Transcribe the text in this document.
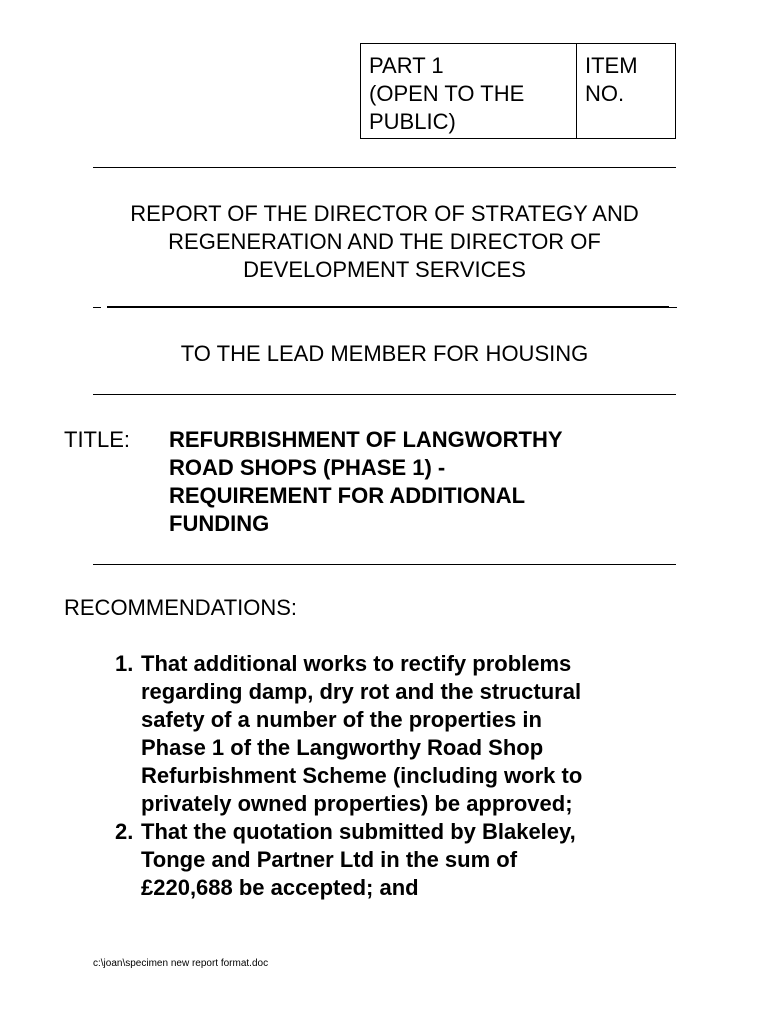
PART 1
(OPEN TO THE
PUBLIC)
ITEM
NO.
REPORT OF THE DIRECTOR OF STRATEGY AND REGENERATION AND THE DIRECTOR OF DEVELOPMENT SERVICES
TO THE LEAD MEMBER FOR HOUSING
TITLE: REFURBISHMENT OF LANGWORTHY
ROAD SHOPS (PHASE 1) -
REQUIREMENT FOR ADDITIONAL
FUNDING
RECOMMENDATIONS:
1. That additional works to rectify problems
regarding damp, dry rot and the structural
safety of a number of the properties in
Phase 1 of the Langworthy Road Shop
Refurbishment Scheme (including work to
privately owned properties) be approved;
2. That the quotation submitted by Blakeley,
Tonge and Partner Ltd in the sum of
£220,688 be accepted; and
c:\joan\specimen new report format.doc
